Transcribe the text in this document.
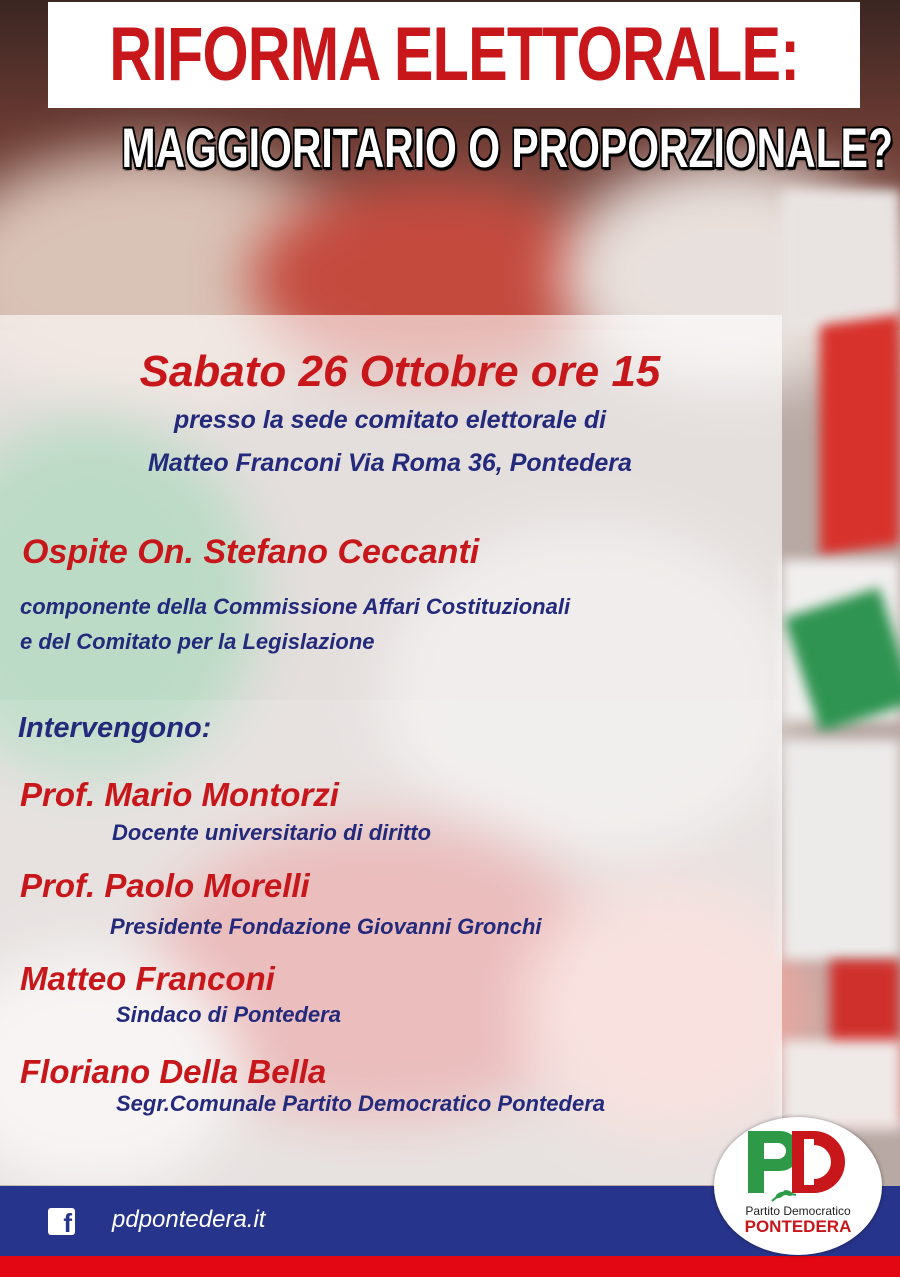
RIFORMA ELETTORALE:
MAGGIORITARIO O PROPORZIONALE?
Sabato 26 Ottobre ore 15
presso la sede comitato elettorale di
Matteo Franconi Via Roma 36, Pontedera
Ospite On. Stefano Ceccanti
componente della Commissione Affari Costituzionali
e del Comitato per la Legislazione
Intervengono:
Prof. Mario Montorzi
Docente universitario di diritto
Prof. Paolo Morelli
Presidente Fondazione Giovanni Gronchi
Matteo Franconi
Sindaco di Pontedera
Floriano Della Bella
Segr.Comunale Partito Democratico Pontedera
f pdpontedera.it	Partito Democratico
PONTEDERA
